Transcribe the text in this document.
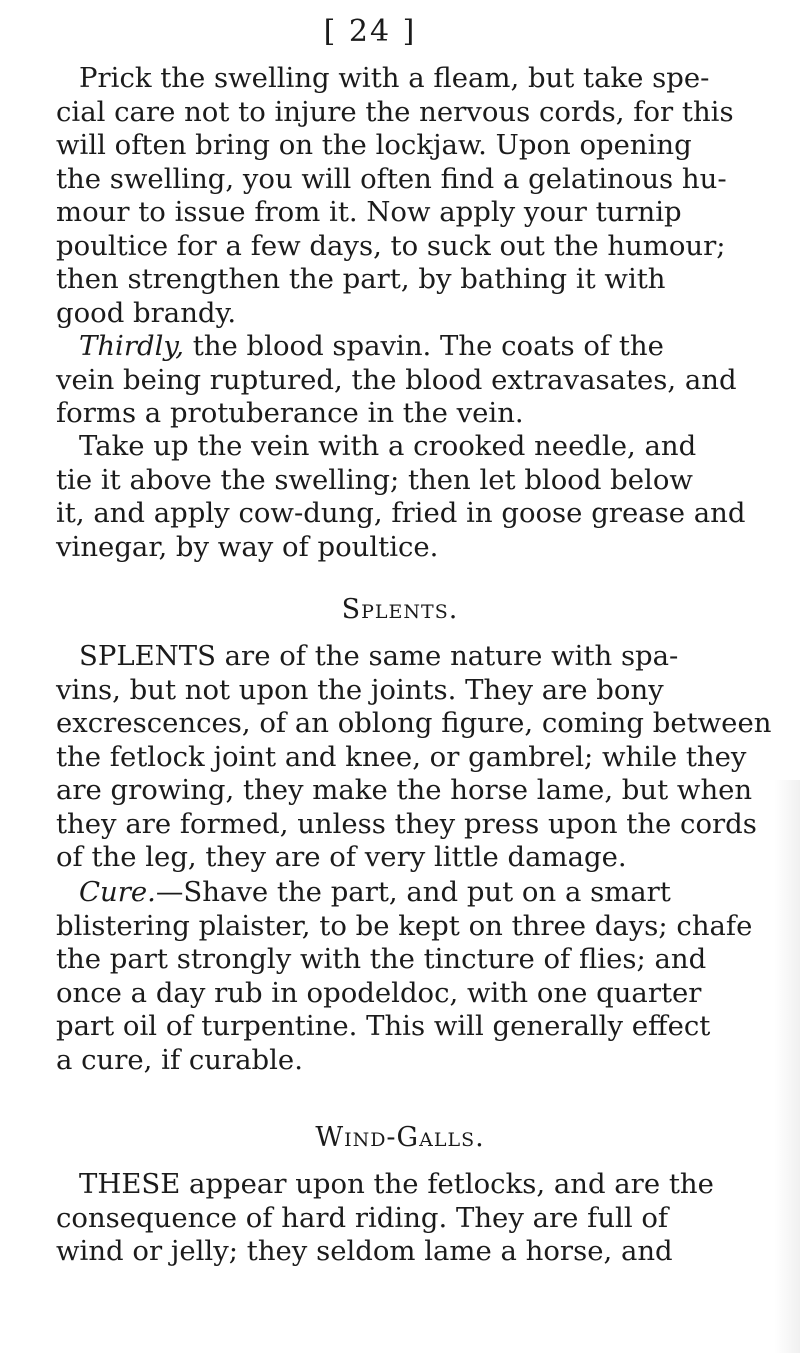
[ 24 ]
Prick the swelling with a fleam, but take spe-
cial care not to injure the nervous cords, for this
will often bring on the lockjaw. Upon opening
the swelling, you will often find a gelatinous hu-
mour to issue from it. Now apply your turnip
poultice for a few days, to suck out the humour;
then strengthen the part, by bathing it with
good brandy.
Thirdly, the blood spavin. The coats of the
vein being ruptured, the blood extravasates, and
forms a protuberance in the vein.
Take up the vein with a crooked needle, and
tie it above the swelling; then let blood below
it, and apply cow-dung, fried in goose grease and
vinegar, by way of poultice.
Splents.
SPLENTS are of the same nature with spa-
vins, but not upon the joints. They are bony
excrescences, of an oblong figure, coming between
the fetlock joint and knee, or gambrel; while they
are growing, they make the horse lame, but when
they are formed, unless they press upon the cords
of the leg, they are of very little damage.
Cure.—Shave the part, and put on a smart
blistering plaister, to be kept on three days; chafe
the part strongly with the tincture of flies; and
once a day rub in opodeldoc, with one quarter
part oil of turpentine. This will generally effect
a cure, if curable.
Wind-Galls.
THESE appear upon the fetlocks, and are the
consequence of hard riding. They are full of
wind or jelly; they seldom lame a horse, and
